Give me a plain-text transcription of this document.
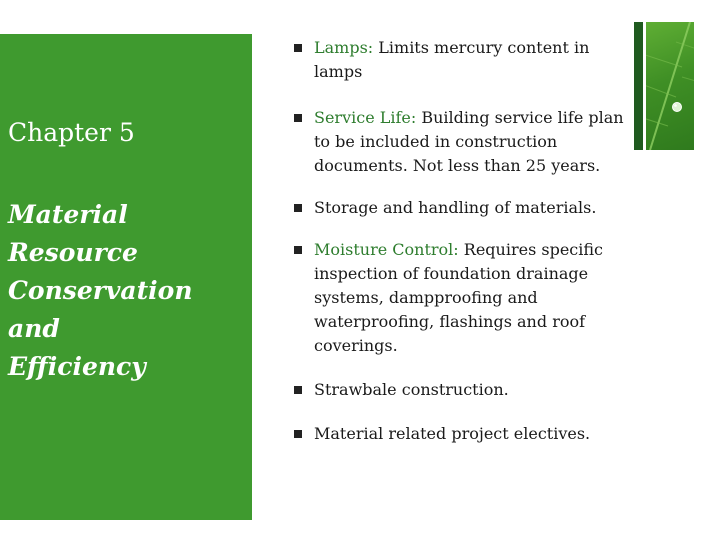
Chapter 5
Material
Resource
Conservation
and
Efficiency
Lamps: Limits mercury content in lamps
Service Life: Building service life plan to be included in construction documents. Not less than 25 years.
Storage and handling of materials.
Moisture Control: Requires specific inspection of foundation drainage systems, dampproofing and waterproofing, flashings and roof coverings.
Strawbale construction.
Material related project electives.
